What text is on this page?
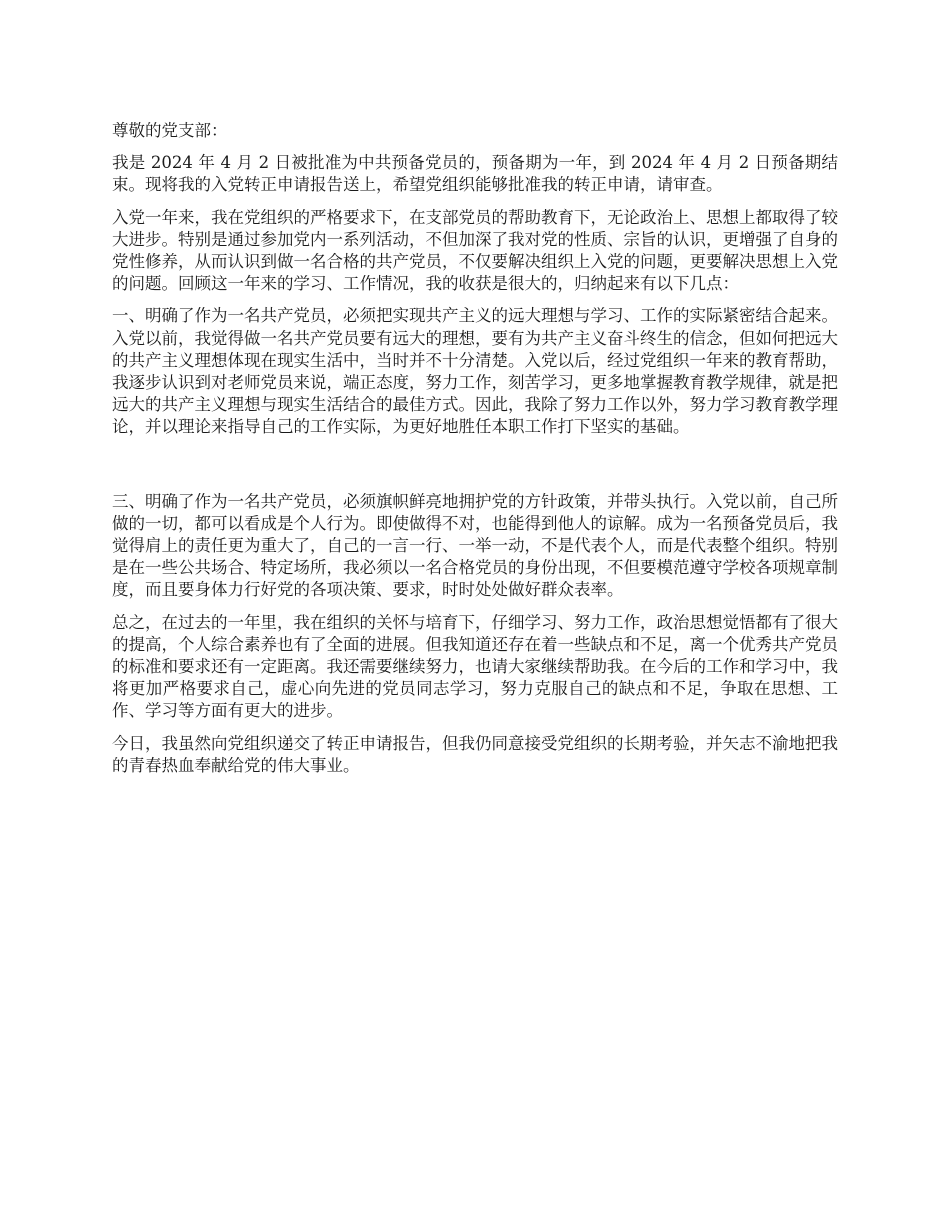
尊敬的党支部：

我是 2024 年 4 月 2 日被批准为中共预备党员的，预备期为一年，到 2024 年 4 月 2 日预备期结束。现将我的入党转正申请报告送上，希望党组织能够批准我的转正申请，请审查。

入党一年来，我在党组织的严格要求下，在支部党员的帮助教育下，无论政治上、思想上都取得了较大进步。特别是通过参加党内一系列活动，不但加深了我对党的性质、宗旨的认识，更增强了自身的党性修养，从而认识到做一名合格的共产党员，不仅要解决组织上入党的问题，更要解决思想上入党的问题。回顾这一年来的学习、工作情况，我的收获是很大的，归纳起来有以下几点：

一、明确了作为一名共产党员，必须把实现共产主义的远大理想与学习、工作的实际紧密结合起来。入党以前，我觉得做一名共产党员要有远大的理想，要有为共产主义奋斗终生的信念，但如何把远大的共产主义理想体现在现实生活中，当时并不十分清楚。入党以后，经过党组织一年来的教育帮助，我逐步认识到对老师党员来说，端正态度，努力工作，刻苦学习，更多地掌握教育教学规律，就是把远大的共产主义理想与现实生活结合的最佳方式。因此，我除了努力工作以外，努力学习教育教学理论，并以理论来指导自己的工作实际，为更好地胜任本职工作打下坚实的基础。

三、明确了作为一名共产党员，必须旗帜鲜亮地拥护党的方针政策，并带头执行。入党以前，自己所做的一切，都可以看成是个人行为。即使做得不对，也能得到他人的谅解。成为一名预备党员后，我觉得肩上的责任更为重大了，自己的一言一行、一举一动，不是代表个人，而是代表整个组织。特别是在一些公共场合、特定场所，我必须以一名合格党员的身份出现，不但要模范遵守学校各项规章制度，而且要身体力行好党的各项决策、要求，时时处处做好群众表率。

总之，在过去的一年里，我在组织的关怀与培育下，仔细学习、努力工作，政治思想觉悟都有了很大的提高，个人综合素养也有了全面的进展。但我知道还存在着一些缺点和不足，离一个优秀共产党员的标准和要求还有一定距离。我还需要继续努力，也请大家继续帮助我。在今后的工作和学习中，我将更加严格要求自己，虚心向先进的党员同志学习，努力克服自己的缺点和不足，争取在思想、工作、学习等方面有更大的进步。

今日，我虽然向党组织递交了转正申请报告，但我仍同意接受党组织的长期考验，并矢志不渝地把我的青春热血奉献给党的伟大事业。
